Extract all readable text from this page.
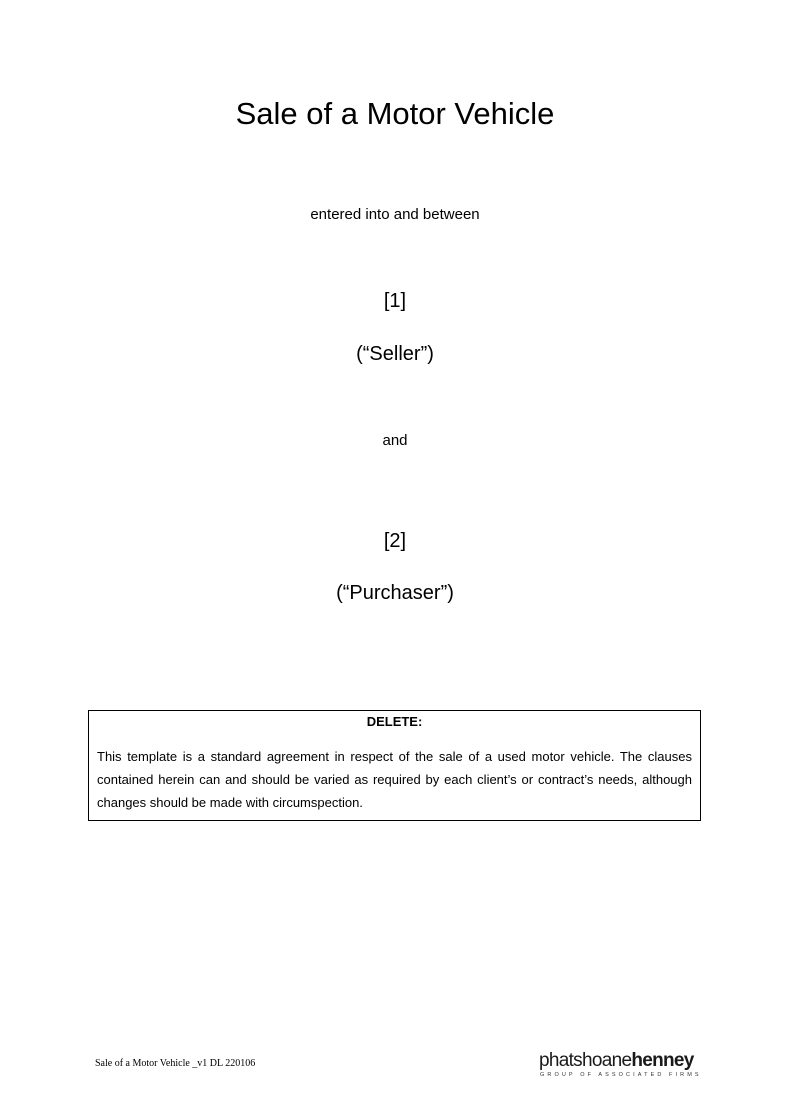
Sale of a Motor Vehicle
entered into and between
[1]
(“Seller”)
and
[2]
(“Purchaser”)
DELETE:
This template is a standard agreement in respect of the sale of a used motor vehicle. The clauses contained herein can and should be varied as required by each client’s or contract’s needs, although changes should be made with circumspection.
Sale of a Motor Vehicle _v1 DL 220106	phatshoanehenney
GROUP OF ASSOCIATED FIRMS
